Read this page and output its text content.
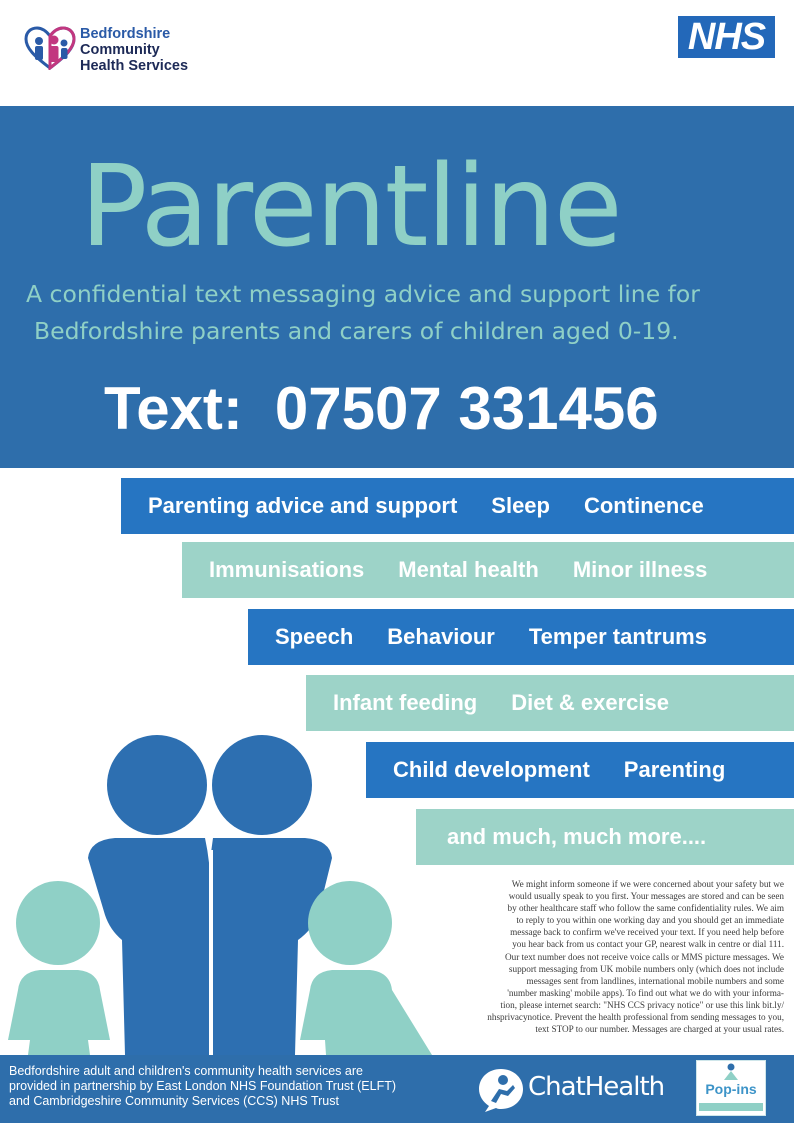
Bedfordshire
Community
Health Services
NHS
Parentline
A confidential text messaging advice and support line for
Bedfordshire parents and carers of children aged 0-19.
Text: 07507 331456
Parenting advice and support Sleep Continence
Immunisations Mental health Minor illness
Speech Behaviour Temper tantrums
Infant feeding Diet & exercise
Child development Parenting
and much, much more....
We might inform someone if we were concerned about your safety but we
would usually speak to you first. Your messages are stored and can be seen
by other healthcare staff who follow the same confidentiality rules. We aim
to reply to you within one working day and you should get an immediate
message back to confirm we've received your text. If you need help before
you hear back from us contact your GP, nearest walk in centre or dial 111.
Our text number does not receive voice calls or MMS picture messages. We
support messaging from UK mobile numbers only (which does not include
messages sent from landlines, international mobile numbers and some
'number masking' mobile apps). To find out what we do with your informa-
tion, please internet search: "NHS CCS privacy notice" or use this link bit.ly/
nhsprivacynotice. Prevent the health professional from sending messages to you,
text STOP to our number. Messages are charged at your usual rates.
Bedfordshire adult and children's community health services are
provided in partnership by East London NHS Foundation Trust (ELFT)
and Cambridgeshire Community Services (CCS) NHS Trust	ChatHealth	Pop-ins
